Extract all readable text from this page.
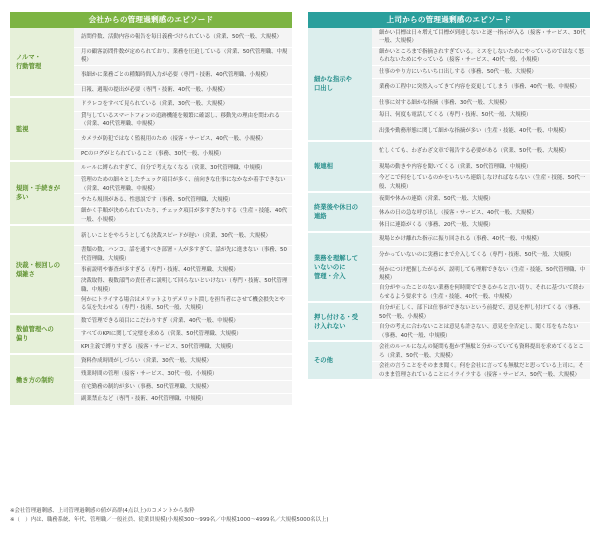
会社からの管理過剰感のエピソード
ノルマ・
行動管理
訪問件数、活動内容の報告を毎日義務づけられている（営業、50代一般、大規模）
月の顧客訪問件数が定められており、業務を圧迫している（営業、50代管理職、中規模）
事細かに業務ごとの種類時間入力が必要（専門・技術、40代管理職、小規模）
日報、週報の提出が必要（専門・技術、40代一般、小規模）
監視
ドラレコをすべて見られている（営業、30代一般、大規模）
貸与しているスマートフォンの追跡機能を頻繁に確認し、移動先の理由を問われる（営業、40代管理職、中規模）
カメラが防犯ではなく監視用のため（接客・サービス、40代一般、小規模）
PCのログがとられていること（事務、30代一般、小規模）
規則・手続きが
多い
ルールに縛られすぎて、自分で考えなくなる（営業、30代管理職、中規模）
管理のための細々としたチェック項目が多く、前向きな仕事になかなか着手できない（営業、40代管理職、中規模）
やたら規則がある、性悪説です（事務、50代管理職、大規模）
細かく手順が決められていたり、チェック項目が多すぎたりする（生産・技能、40代一般、小規模）
決裁・根回しの
煩雑さ
新しいことをやろうとしても決裁スピードが遅い（営業、30代一般、大規模）
書類の数、ハンコ、話を通すべき部署・人が多すぎて、話が先に進まない（事務、50代管理職、大規模）
事前説明や審査が多すぎる（専門・技術、40代管理職、大規模）
決裁取得、複数部門の責任者に説明して回らないといけない（専門・技術、50代管理職、中規模）
何かにトライする場合はメリットよりデメリット潰しを担当者にさせて機会損失とやる気を失わせる（専門・技術、50代一般、大規模）
数値管理への
偏り
数で管理できる項目にこだわりすぎ（営業、40代一般、中規模）
すべてのKPIに関して完璧を求める（営業、50代管理職、大規模）
KPI主義で縛りすぎる（接客・サービス、50代管理職、大規模）
働き方の制約
資料作成時間がしづらい（営業、30代一般、大規模）
残業時間の管理（接客・サービス、30代一般、小規模）
在宅勤務の制約が多い（事務、50代管理職、大規模）
副業禁止など（専門・技術、40代管理職、中規模）
上司からの管理過剰感のエピソード
細かな指示や
口出し
細かい目標は日々増えて目標が到達しないと逐一指示が入る（接客・サービス、30代一般、大規模）
細かいところまで指摘されすぎている。ミスをしないためにやっているのではなく怒られないためにやっている（接客・サービス、40代一般、小規模）
仕事のやり方にいちいち口出しする（事務、50代一般、大規模）
業務の工程中に突然入ってきて内容を変更してしまう（事務、40代一般、中規模）
仕事に対する細かな指摘（事務、30代一般、大規模）
毎日、何度も電話してくる（専門・技術、50代一般、大規模）
出張や勤務形態に関して細かな指摘が多い（生産・技能、40代一般、中規模）
報連相
忙しくても、わざわざ文章で報告する必要がある（営業、50代一般、大規模）
現場の動きや内容を聞いてくる（営業、50代管理職、中規模）
今どこで何をしているのかをいちいち連絡しなければならない（生産・技能、50代一般、大規模）
終業後や休日の
連絡
夜間や休みの連絡（営業、50代一般、大規模）
休みの日の急な呼び出し（接客・サービス、40代一般、大規模）
休日に連絡がくる（事務、20代一般、大規模）
業務を理解して
いないのに
管理・介入
現場とかけ離れた指示に振り回される（事務、40代一般、中規模）
分かっていないのに実務にまで介入してくる（専門・技術、50代一般、大規模）
何かにつけ把握したがるが、説明しても理解できない（生産・技能、50代管理職、中規模）
自分がやったことのない業務を何時間でできるからと言い切り、それに基づいて終わらせるよう要求する（生産・技能、40代一般、中規模）
押し付ける・受
け入れない
自分が正しく、部下は仕事ができないという前提で、意見を押し付けてくる（事務、50代一般、小規模）
自分の考えに合わないことは意見も許さない、意見を全否定し、聞く耳をもたない（事務、40代一般、中規模）
その他
会社のルールになんの疑問も抱かず無駄と分かっていても資料提出を求めてくるところ（営業、50代一般、大規模）
会社の言うことをそのまま聞く。何を会社に言っても無駄だと思っている上司に。そのまま管理されていることにイライラする（接客・サービス、50代一般、大規模）
※会社管理過剰感、上司管理過剰感の値が高群(4点以上)のコメントから抜粋
※（　）内は、職務系統、年代、管理職／一般社員、従業員規模(小規模300〜999名／中規模1000〜4999名／大規模5000名以上)
